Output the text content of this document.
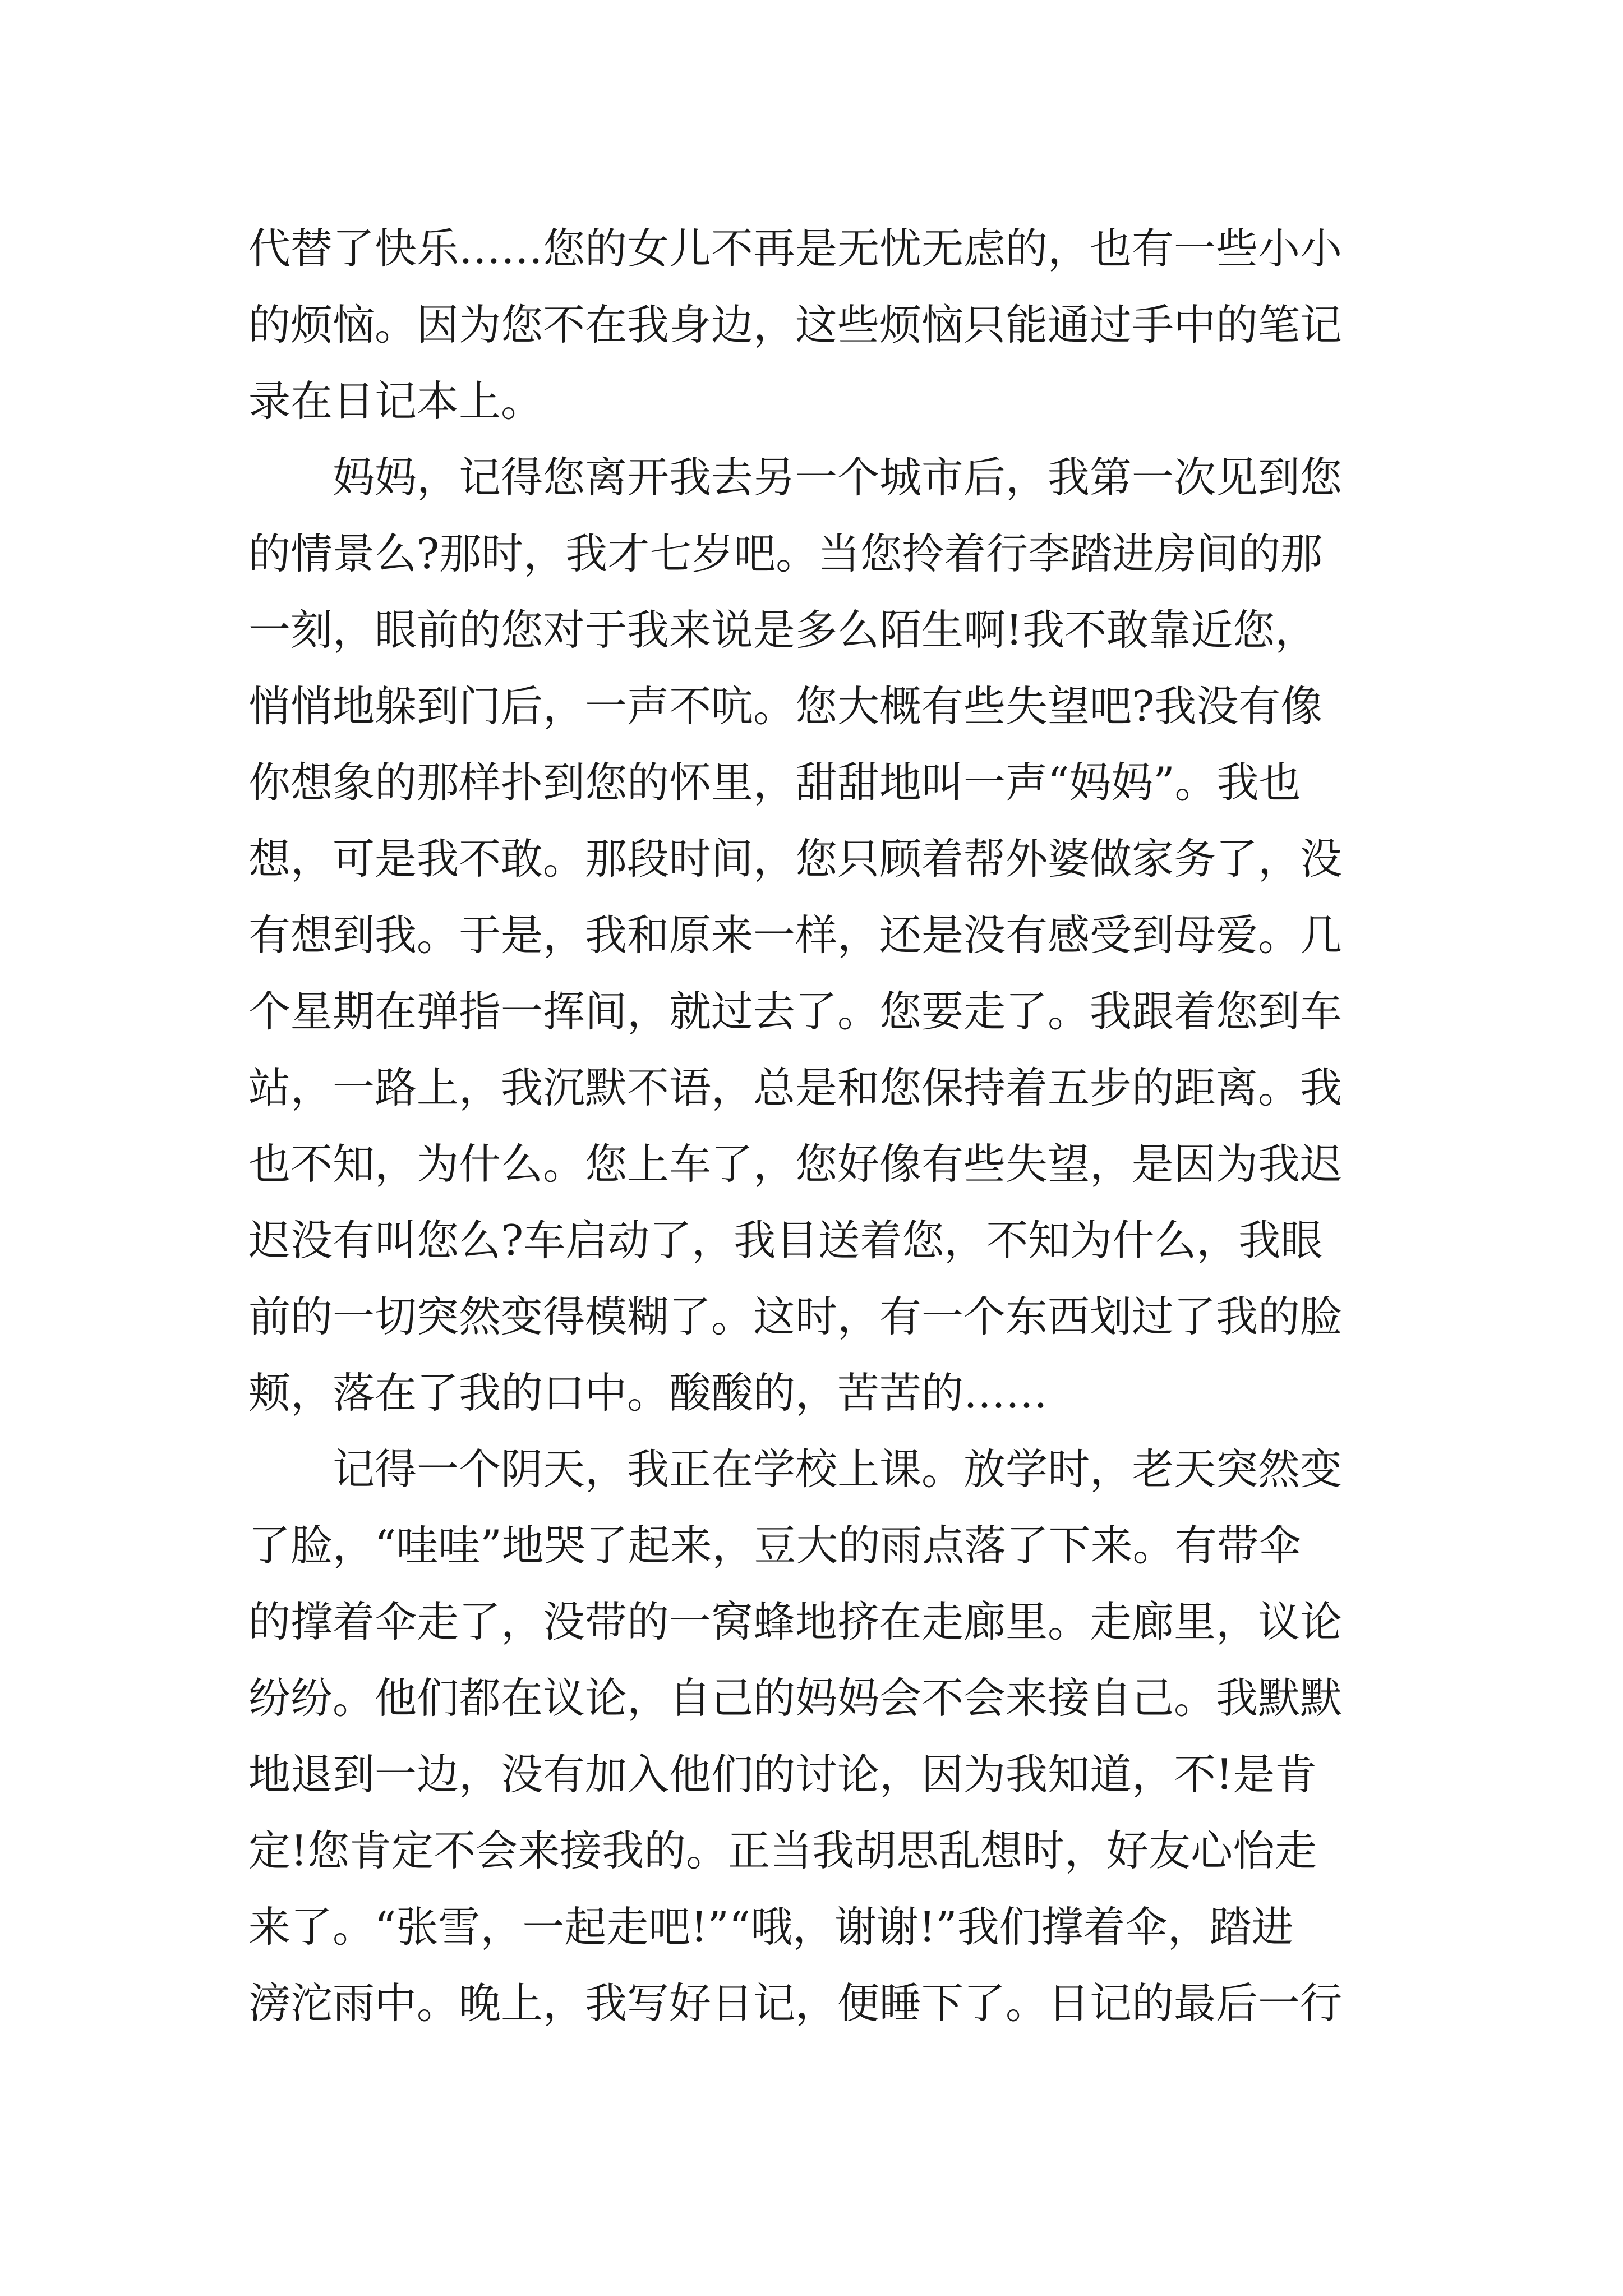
代替了快乐……您的女儿不再是无忧无虑的，也有一些小小

的烦恼。因为您不在我身边，这些烦恼只能通过手中的笔记

录在日记本上。

　　妈妈，记得您离开我去另一个城市后，我第一次见到您

的情景么?那时，我才七岁吧。当您拎着行李踏进房间的那

一刻，眼前的您对于我来说是多么陌生啊!我不敢靠近您，

悄悄地躲到门后，一声不吭。您大概有些失望吧?我没有像

你想象的那样扑到您的怀里，甜甜地叫一声“妈妈”。我也

想，可是我不敢。那段时间，您只顾着帮外婆做家务了，没

有想到我。于是，我和原来一样，还是没有感受到母爱。几

个星期在弹指一挥间，就过去了。您要走了。我跟着您到车

站，一路上，我沉默不语，总是和您保持着五步的距离。我

也不知，为什么。您上车了，您好像有些失望，是因为我迟

迟没有叫您么?车启动了，我目送着您，不知为什么，我眼

前的一切突然变得模糊了。这时，有一个东西划过了我的脸

颊，落在了我的口中。酸酸的，苦苦的……

　　记得一个阴天，我正在学校上课。放学时，老天突然变

了脸，“哇哇”地哭了起来，豆大的雨点落了下来。有带伞

的撑着伞走了，没带的一窝蜂地挤在走廊里。走廊里，议论

纷纷。他们都在议论，自己的妈妈会不会来接自己。我默默

地退到一边，没有加入他们的讨论，因为我知道，不!是肯

定!您肯定不会来接我的。正当我胡思乱想时，好友心怡走

来了。“张雪，一起走吧!”“哦，谢谢!”我们撑着伞，踏进

滂沱雨中。晚上，我写好日记，便睡下了。日记的最后一行
